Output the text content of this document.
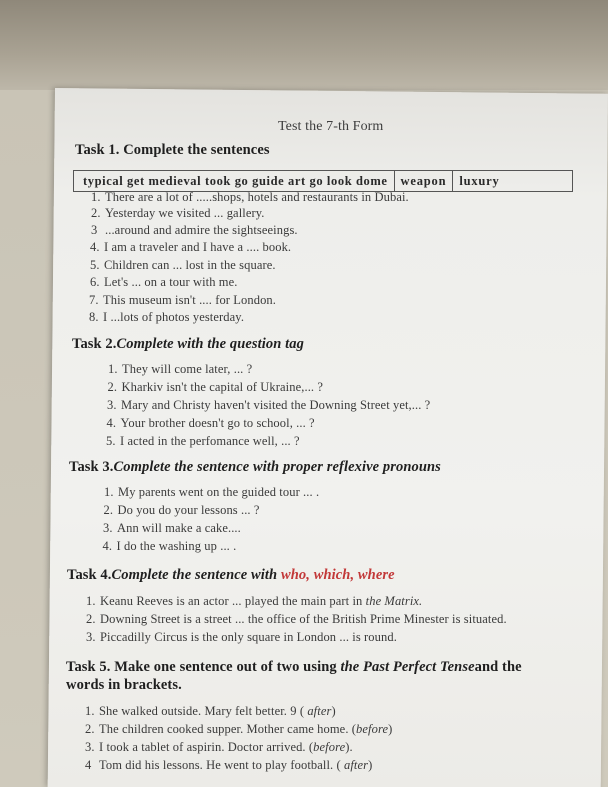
Test the 7-th Form
Task 1. Complete the sentences
typical get medieval took go guide art go look dome	weapon	luxury
1.There are a lot of .....shops, hotels and restaurants in Dubai.
2.Yesterday we visited ... gallery.
3...around and admire the sightseeings.
4.I am a traveler and I have a .... book.
5.Children can ... lost in the square.
6.Let's ... on a tour with me.
7.This museum isn't .... for London.
8.I ...lots of photos yesterday.
Task 2.Complete with the question tag
1.They will come later, ... ?
2.Kharkiv isn't the capital of Ukraine,... ?
3.Mary and Christy haven't visited the Downing Street yet,... ?
4.Your brother doesn't go to school, ... ?
5.I acted in the perfomance well, ... ?
Task 3.Complete the sentence with proper reflexive pronouns
1.My parents went on the guided tour ... .
2.Do you do your lessons ... ?
3.Ann will make a cake....
4.I do the washing up ... .
Task 4.Complete the sentence with who, which, where
1.Keanu Reeves is an actor ... played the main part in the Matrix.
2.Downing Street is a street ... the office of the British Prime Minester is situated.
3.Piccadilly Circus is the only square in London ... is round.
Task 5. Make one sentence out of two using the Past Perfect Tenseand the
words in brackets.
1.She walked outside. Mary felt better. 9 ( after)
2.The children cooked supper. Mother came home. (before)
3.I took a tablet of aspirin. Doctor arrived. (before).
4Tom did his lessons. He went to play football. ( after)
